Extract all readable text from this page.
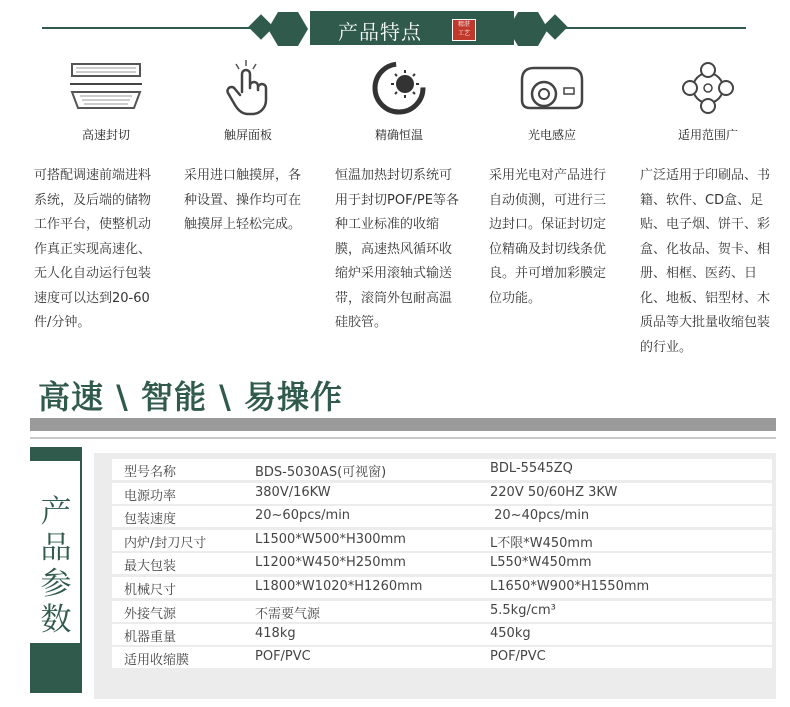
产品特点	精湛
工艺
高速封切	触屏面板	精确恒温	光电感应	适用范围广
可搭配调速前端进料系统，及后端的储物工作平台，使整机动作真正实现高速化、无人化自动运行包装速度可以达到20-60件/分钟。
采用进口触摸屏，各种设置、操作均可在触摸屏上轻松完成。
恒温加热封切系统可用于封切POF/PE等各种工业标准的收缩膜，高速热风循环收缩炉采用滚轴式输送带，滚筒外包耐高温硅胶管。
采用光电对产品进行自动侦测，可进行三边封口。保证封切定位精确及封切线条优良。并可增加彩膜定位功能。
广泛适用于印刷品、书籍、软件、CD盒、足贴、电子烟、饼干、彩盒、化妆品、贺卡、相册、相框、医药、日化、地板、铝型材、木质品等大批量收缩包装的行业。
高速 \ 智能 \ 易操作
产品参数
型号名称	BDS-5030AS(可视窗)	BDL-5545ZQ
电源功率	380V/16KW	220V 50/60HZ 3KW
包装速度	20~60pcs/min	20~40pcs/min
内炉/封刀尺寸	L1500*W500*H300mm	L不限*W450mm
最大包装	L1200*W450*H250mm	L550*W450mm
机械尺寸	L1800*W1020*H1260mm	L1650*W900*H1550mm
外接气源	不需要气源	5.5kg/cm³
机器重量	418kg	450kg
适用收缩膜	POF/PVC	POF/PVC
